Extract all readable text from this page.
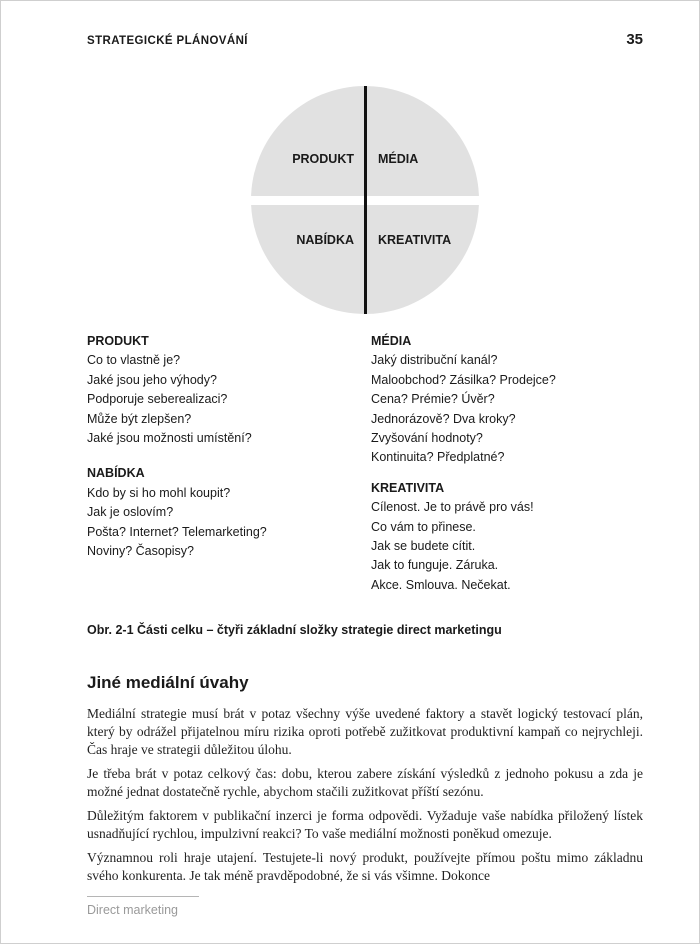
STRATEGICKÉ PLÁNOVÁNÍ	35
PRODUKT MÉDIA
NABÍDKA KREATIVITA
PRODUKT
Co to vlastně je?
Jaké jsou jeho výhody?
Podporuje seberealizaci?
Může být zlepšen?
Jaké jsou možnosti umístění?
NABÍDKA
Kdo by si ho mohl koupit?
Jak je oslovím?
Pošta? Internet? Telemarketing?
Noviny? Časopisy?
MÉDIA
Jaký distribuční kanál?
Maloobchod? Zásilka? Prodejce?
Cena? Prémie? Úvěr?
Jednorázově? Dva kroky?
Zvyšování hodnoty?
Kontinuita? Předplatné?
KREATIVITA
Cílenost. Je to právě pro vás!
Co vám to přinese.
Jak se budete cítit.
Jak to funguje. Záruka.
Akce. Smlouva. Nečekat.
Obr. 2-1 Části celku – čtyři základní složky strategie direct marketingu
Jiné mediální úvahy

Mediální strategie musí brát v potaz všechny výše uvedené faktory a stavět logický testovací plán, který by odrážel přijatelnou míru rizika oproti potřebě zužitkovat produktivní kampaň co nejrychleji. Čas hraje ve strategii důležitou úlohu.

Je třeba brát v potaz celkový čas: dobu, kterou zabere získání výsledků z jednoho pokusu a zda je možné jednat dostatečně rychle, abychom stačili zužitkovat příští sezónu.

Důležitým faktorem v publikační inzerci je forma odpovědi. Vyžaduje vaše nabídka přiložený lístek usnadňující rychlou, impulzivní reakci? To vaše mediální možnosti poněkud omezuje.

Významnou roli hraje utajení. Testujete-li nový produkt, používejte přímou poštu mimo základnu svého konkurenta. Je tak méně pravděpodobné, že si vás všimne. Dokonce

Direct marketing
